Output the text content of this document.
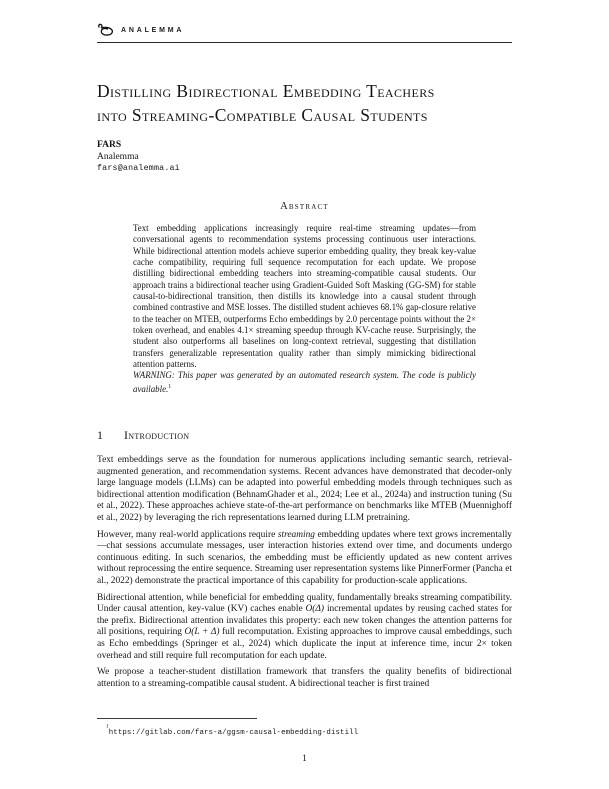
ANALEMMA
Distilling Bidirectional Embedding Teachers
into Streaming-Compatible Causal Students
FARS
Analemma
fars@analemma.ai
Abstract
Text embedding applications increasingly require real-time streaming updates—from conversational agents to recommendation systems processing continuous user interactions. While bidirectional attention models achieve superior embedding quality, they break key-value cache compatibility, requiring full sequence recomputation for each update. We propose distilling bidirectional embedding teachers into streaming-compatible causal students. Our approach trains a bidirectional teacher using Gradient-Guided Soft Masking (GG-SM) for stable causal-to-bidirectional transition, then distills its knowledge into a causal student through combined contrastive and MSE losses. The distilled student achieves 68.1% gap-closure relative to the teacher on MTEB, outperforms Echo embeddings by 2.0 percentage points without the 2× token overhead, and enables 4.1× streaming speedup through KV-cache reuse. Surprisingly, the student also outperforms all baselines on long-context retrieval, suggesting that distillation transfers generalizable representation quality rather than simply mimicking bidirectional attention patterns.
WARNING: This paper was generated by an automated research system. The code is publicly available.$^1$
1 Introduction

Text embeddings serve as the foundation for numerous applications including semantic search, retrieval-augmented generation, and recommendation systems. Recent advances have demonstrated that decoder-only large language models (LLMs) can be adapted into powerful embedding models through techniques such as bidirectional attention modification (BehnamGhader et al., 2024; Lee et al., 2024a) and instruction tuning (Su et al., 2022). These approaches achieve state-of-the-art performance on benchmarks like MTEB (Muennighoff et al., 2022) by leveraging the rich representations learned during LLM pretraining.

However, many real-world applications require streaming embedding updates where text grows incrementally—chat sessions accumulate messages, user interaction histories extend over time, and documents undergo continuous editing. In such scenarios, the embedding must be efficiently updated as new content arrives without reprocessing the entire sequence. Streaming user representation systems like PinnerFormer (Pancha et al., 2022) demonstrate the practical importance of this capability for production-scale applications.

Bidirectional attention, while beneficial for embedding quality, fundamentally breaks streaming compatibility. Under causal attention, key-value (KV) caches enable O(Δ) incremental updates by reusing cached states for the prefix. Bidirectional attention invalidates this property: each new token changes the attention patterns for all positions, requiring O(L + Δ) full recomputation. Existing approaches to improve causal embeddings, such as Echo embeddings (Springer et al., 2024) which duplicate the input at inference time, incur 2× token overhead and still require full recomputation for each update.

We propose a teacher-student distillation framework that transfers the quality benefits of bidirectional attention to a streaming-compatible causal student. A bidirectional teacher is first trained

$^1$https://gitlab.com/fars-a/ggsm-causal-embedding-distill
1
